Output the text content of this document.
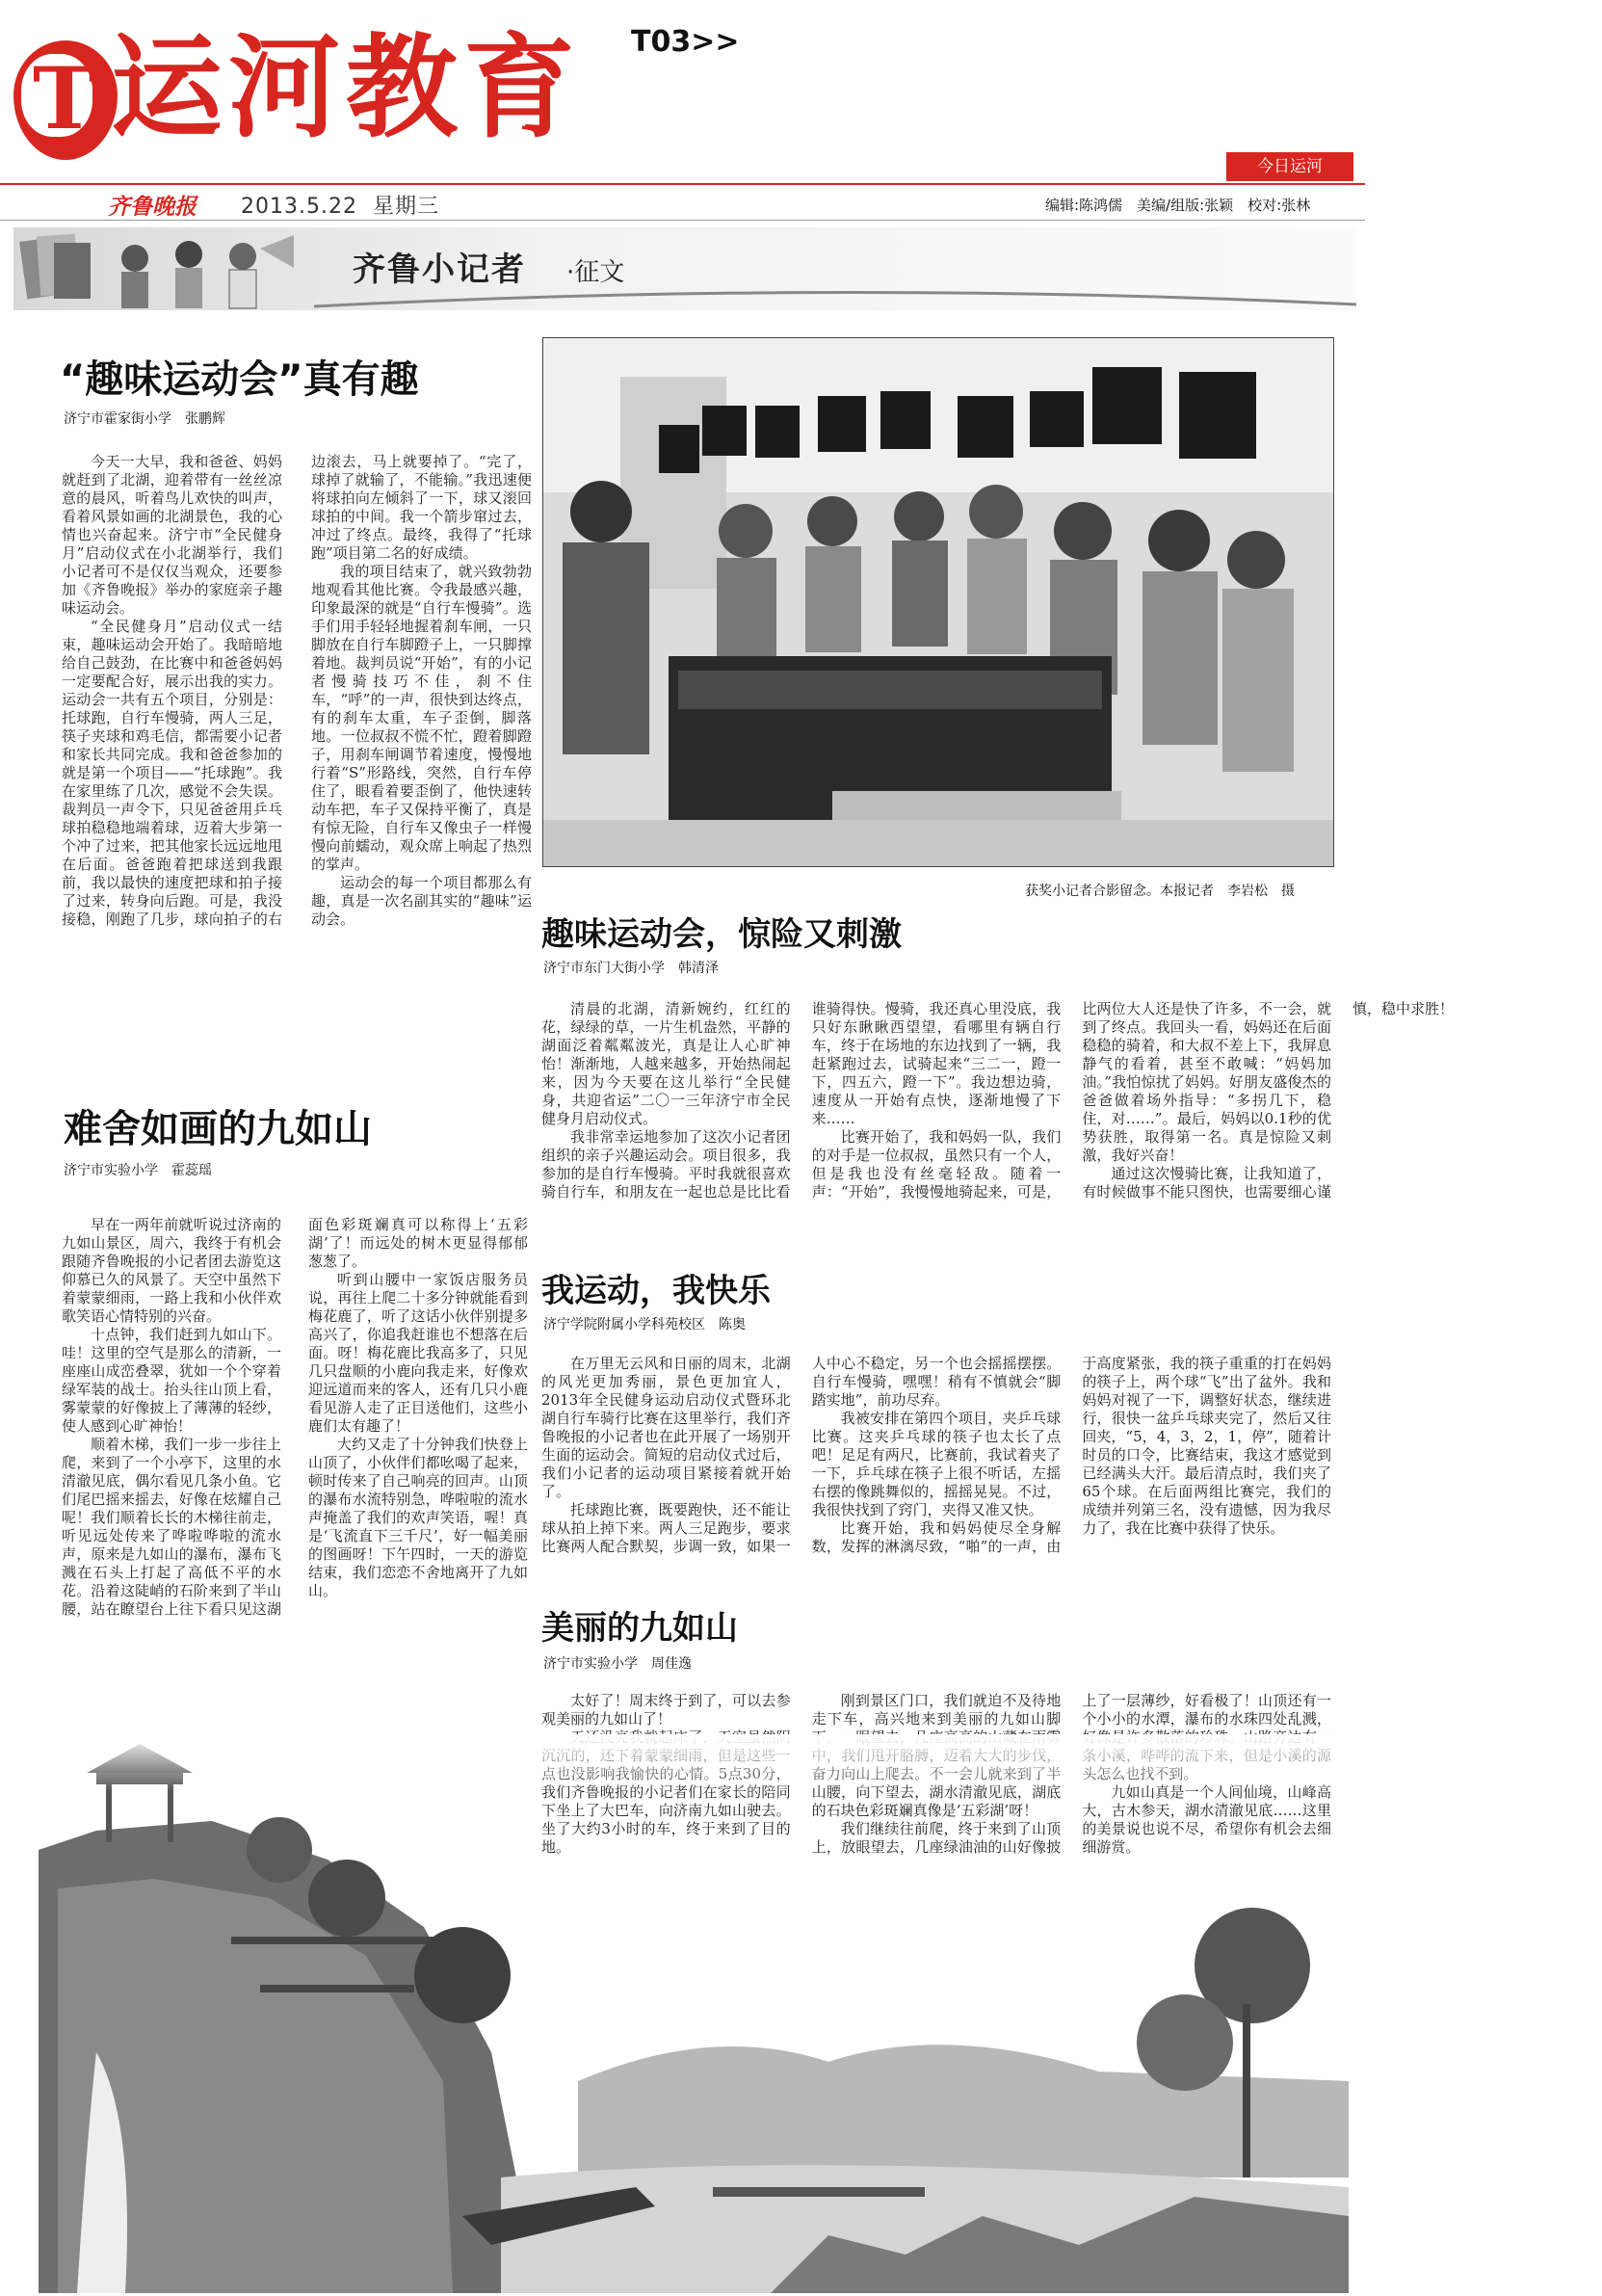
T 运河教育 T03>>
今日运河
齐鲁晚报 2013.5.22 星期三	编辑:陈鸿儒　美编/组版:张颖　校对:张林
齐鲁小记者 ·征文
“趣味运动会”真有趣
济宁市霍家街小学　张鹏辉

今天一大早，我和爸爸、妈妈就赶到了北湖，迎着带有一丝丝凉意的晨风，听着鸟儿欢快的叫声，看着风景如画的北湖景色，我的心情也兴奋起来。济宁市“全民健身月”启动仪式在小北湖举行，我们小记者可不是仅仅当观众，还要参加《齐鲁晚报》举办的家庭亲子趣味运动会。

“全民健身月”启动仪式一结束，趣味运动会开始了。我暗暗地给自己鼓劲，在比赛中和爸爸妈妈一定要配合好，展示出我的实力。运动会一共有五个项目，分别是：托球跑，自行车慢骑，两人三足，筷子夹球和鸡毛信，都需要小记者和家长共同完成。我和爸爸参加的就是第一个项目——“托球跑”。我在家里练了几次，感觉不会失误。裁判员一声令下，只见爸爸用乒乓球拍稳稳地端着球，迈着大步第一个冲了过来，把其他家长远远地甩在后面。爸爸跑着把球送到我跟前，我以最快的速度把球和拍子接了过来，转身向后跑。可是，我没接稳，刚跑了几步，球向拍子的右边滚去，马上就要掉了。“完了，球掉了就输了，不能输。”我迅速便将球拍向左倾斜了一下，球又滚回球拍的中间。我一个箭步窜过去，冲过了终点。最终，我得了“托球跑”项目第二名的好成绩。

我的项目结束了，就兴致勃勃地观看其他比赛。令我最感兴趣，印象最深的就是“自行车慢骑”。选手们用手轻轻地握着刹车闸，一只脚放在自行车脚蹬子上，一只脚撑着地。裁判员说“开始”，有的小记者慢骑技巧不佳，刹不住车，“呼”的一声，很快到达终点，有的刹车太重，车子歪倒，脚落地。一位叔叔不慌不忙，蹬着脚蹬子，用刹车闸调节着速度，慢慢地行着“S”形路线，突然，自行车停住了，眼看着要歪倒了，他快速转动车把，车子又保持平衡了，真是有惊无险，自行车又像虫子一样慢慢向前蠕动，观众席上响起了热烈的掌声。

运动会的每一个项目都那么有趣，真是一次名副其实的“趣味”运动会。

获奖小记者合影留念。本报记者　李岩松　摄
趣味运动会，惊险又刺激
济宁市东门大街小学　韩清泽

清晨的北湖，清新婉约，红红的花，绿绿的草，一片生机盎然，平静的湖面泛着粼粼波光，真是让人心旷神怡！渐渐地，人越来越多，开始热闹起来，因为今天要在这儿举行“全民健身，共迎省运”二〇一三年济宁市全民健身月启动仪式。

我非常幸运地参加了这次小记者团组织的亲子兴趣运动会。项目很多，我参加的是自行车慢骑。平时我就很喜欢骑自行车，和朋友在一起也总是比比看谁骑得快。慢骑，我还真心里没底，我只好东瞅瞅西望望，看哪里有辆自行车，终于在场地的东边找到了一辆，我赶紧跑过去，试骑起来“三二一，蹬一下，四五六，蹬一下”。我边想边骑，速度从一开始有点快，逐渐地慢了下来……

比赛开始了，我和妈妈一队，我们的对手是一位叔叔，虽然只有一个人，但是我也没有丝毫轻敌。随着一声：“开始”，我慢慢地骑起来，可是，比两位大人还是快了许多，不一会，就到了终点。我回头一看，妈妈还在后面稳稳的骑着，和大叔不差上下，我屏息静气的看着，甚至不敢喊：“妈妈加油。”我怕惊扰了妈妈。好朋友盛俊杰的爸爸做着场外指导：“多拐几下，稳住，对……”。最后，妈妈以0.1秒的优势获胜，取得第一名。真是惊险又刺激，我好兴奋！

通过这次慢骑比赛，让我知道了，有时候做事不能只图快，也需要细心谨慎，稳中求胜！

难舍如画的九如山
济宁市实验小学　霍蕊瑶

早在一两年前就听说过济南的九如山景区，周六，我终于有机会跟随齐鲁晚报的小记者团去游览这仰慕已久的风景了。天空中虽然下着蒙蒙细雨，一路上我和小伙伴欢歌笑语心情特别的兴奋。

十点钟，我们赶到九如山下。哇！这里的空气是那么的清新，一座座山成峦叠翠，犹如一个个穿着绿军装的战士。抬头往山顶上看，雾蒙蒙的好像披上了薄薄的轻纱，使人感到心旷神怡！

顺着木梯，我们一步一步往上爬，来到了一个小亭下，这里的水清澈见底，偶尔看见几条小鱼。它们尾巴摇来摇去，好像在炫耀自己呢！我们顺着长长的木梯往前走，听见远处传来了哗啦哗啦的流水声，原来是九如山的瀑布，瀑布飞溅在石头上打起了高低不平的水花。沿着这陡峭的石阶来到了半山腰，站在瞭望台上往下看只见这湖面色彩斑斓真可以称得上‘五彩湖’了！而远处的树木更显得郁郁葱葱了。

听到山腰中一家饭店服务员说，再往上爬二十多分钟就能看到梅花鹿了，听了这话小伙伴别提多高兴了，你追我赶谁也不想落在后面。呀！梅花鹿比我高多了，只见几只盘顺的小鹿向我走来，好像欢迎远道而来的客人，还有几只小鹿看见游人走了正目送他们，这些小鹿们太有趣了！

大约又走了十分钟我们快登上山顶了，小伙伴们都吆喝了起来，顿时传来了自己响亮的回声。山顶的瀑布水流特别急，哗啦啦的流水声掩盖了我们的欢声笑语，喔！真是‘飞流直下三千尺’，好一幅美丽的图画呀！下午四时，一天的游览结束，我们恋恋不舍地离开了九如山。

我运动，我快乐
济宁学院附属小学科苑校区　陈奥

在万里无云风和日丽的周末，北湖的风光更加秀丽，景色更加宜人，2013年全民健身运动启动仪式暨环北湖自行车骑行比赛在这里举行，我们齐鲁晚报的小记者也在此开展了一场别开生面的运动会。简短的启动仪式过后，我们小记者的运动项目紧接着就开始了。

托球跑比赛，既要跑快，还不能让球从拍上掉下来。两人三足跑步，要求比赛两人配合默契，步调一致，如果一人中心不稳定，另一个也会摇摇摆摆。自行车慢骑，嘿嘿！稍有不慎就会“脚踏实地”，前功尽弃。

我被安排在第四个项目，夹乒乓球比赛。这夹乒乓球的筷子也太长了点吧！足足有两尺，比赛前，我试着夹了一下，乒乓球在筷子上很不听话，左摇右摆的像跳舞似的，摇摇晃晃。不过，我很快找到了窍门，夹得又准又快。

比赛开始，我和妈妈使尽全身解数，发挥的淋漓尽致，“啪”的一声，由于高度紧张，我的筷子重重的打在妈妈的筷子上，两个球“飞”出了盆外。我和妈妈对视了一下，调整好状态，继续进行，很快一盆乒乓球夹完了，然后又往回夹，“5，4，3，2，1，停”，随着计时员的口令，比赛结束，我这才感觉到已经满头大汗。最后清点时，我们夹了65个球。在后面两组比赛完，我们的成绩并列第三名，没有遗憾，因为我尽力了，我在比赛中获得了快乐。

美丽的九如山
济宁市实验小学　周佳逸

太好了！周末终于到了，可以去参观美丽的九如山了！

下坐上了大巴车，向济南九如山驶去。坐了大约3小时的车，终于来到了目的地。

刚到景区门口，我们就迫不及待地走下车，高兴地来到美丽的九如山脚 的石块色彩斑斓真像是‘五彩湖’呀！

我们继续往前爬，终于来到了山顶上，放眼望去，几座绿油油的山好像披上了一层薄纱，好看极了！山顶还有一个小小的水潭，瀑布的水珠四处乱溅，

大，古木参天，湖水清澈见底……这里的美景说也说不尽，希望你有机会去细细游赏。
